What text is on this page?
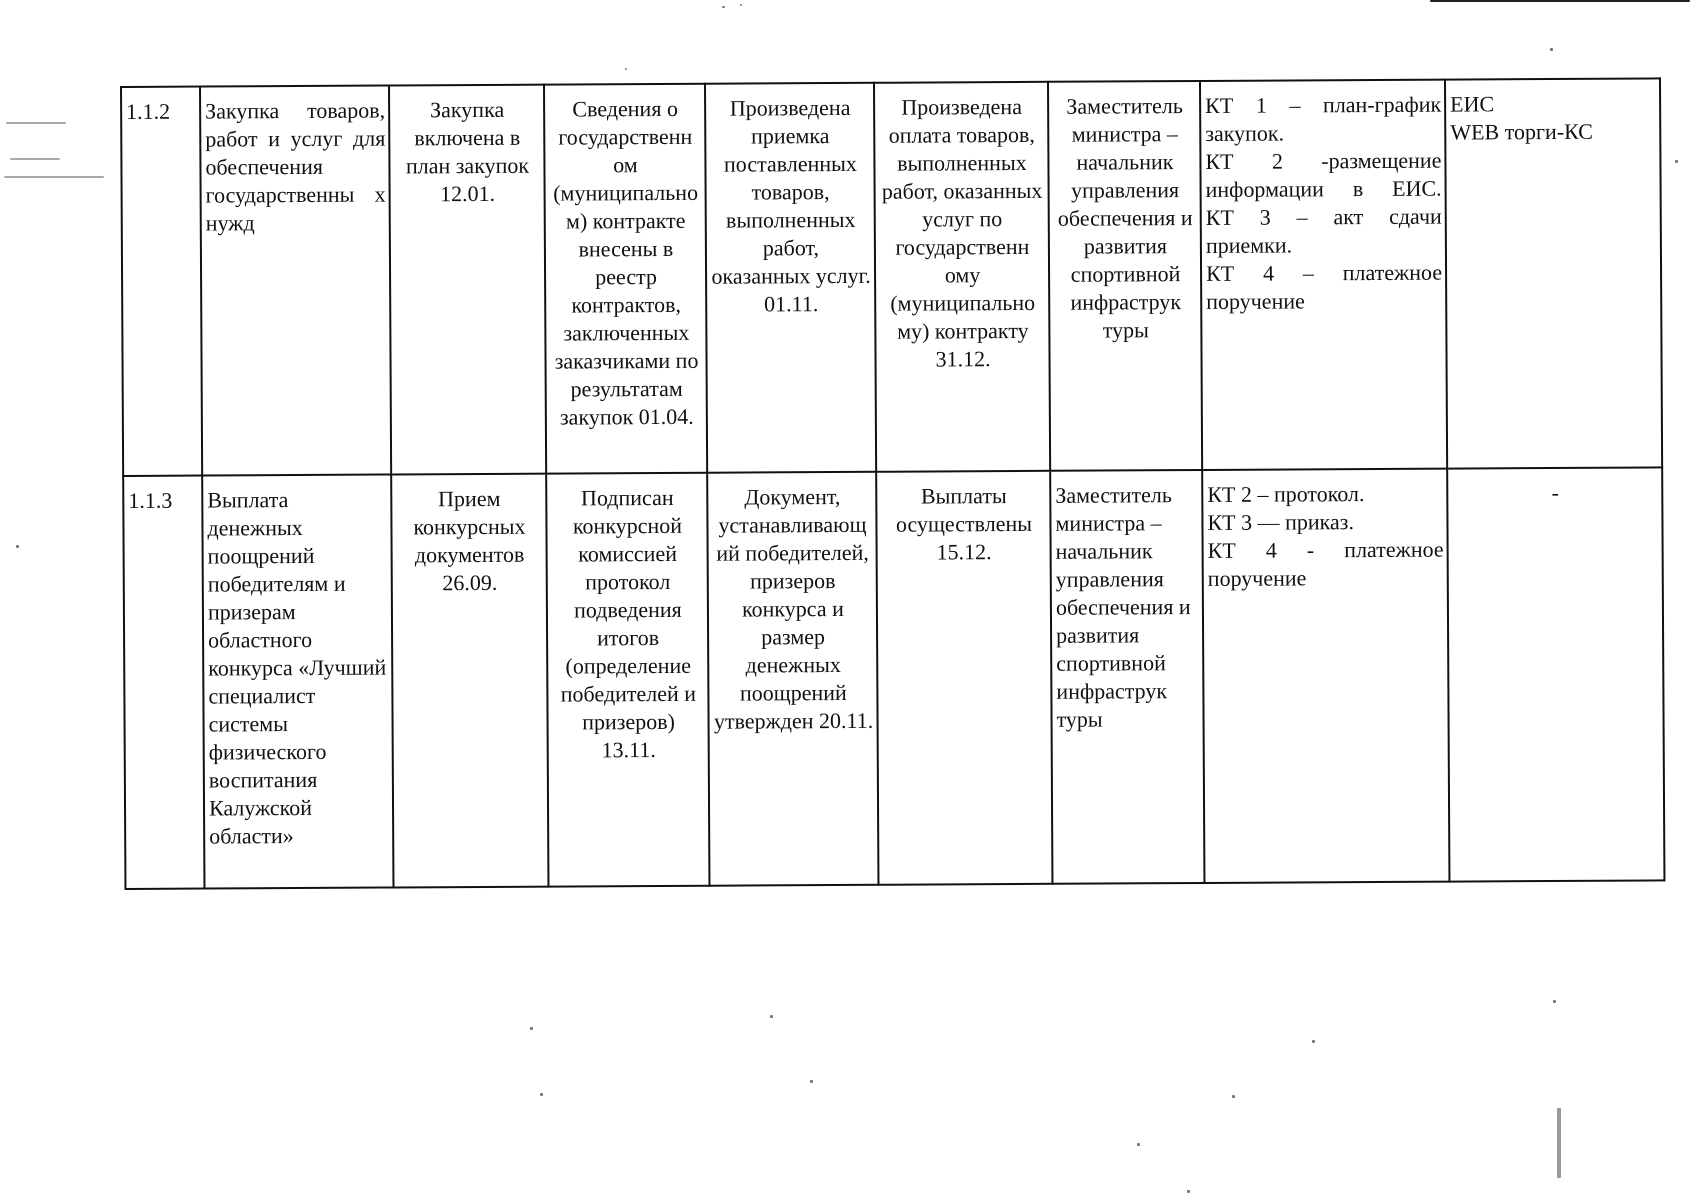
1.1.2	Закупка товаров, работ и услуг для обеспечения государственны х нужд	Закупка включена в план закупок 12.01.	Сведения о государственн ом (муниципально м) контракте внесены в реестр контрактов, заключенных заказчиками по результатам закупок 01.04.	Произведена приемка поставленных товаров, выполненных работ, оказанных услуг. 01.11.	Произведена оплата товаров, выполненных работ, оказанных услуг по государственн ому (муниципально му) контракту 31.12.	Заместитель министра – начальник управления обеспечения и развития спортивной инфраструк туры	КТ 1 – план-график закупок.
КТ 2 -размещение информации в ЕИС.
КТ 3 – акт сдачи приемки.
КТ 4 – платежное поручение	ЕИС
WEB торги-КС

1.1.3	Выплата денежных поощрений победителям и призерам областного конкурса «Лучший специалист системы физического воспитания Калужской области»	Прием конкурсных документов 26.09.	Подписан конкурсной комиссией протокол подведения итогов (определение победителей и призеров) 13.11.	Документ, устанавливающ ий победителей, призеров конкурса и размер денежных поощрений утвержден 20.11.	Выплаты осуществлены 15.12.	Заместитель министра – начальник управления обеспечения и развития спортивной инфраструк туры	КТ 2 – протокол.
КТ 3 — приказ.
КТ 4 - платежное поручение	-
